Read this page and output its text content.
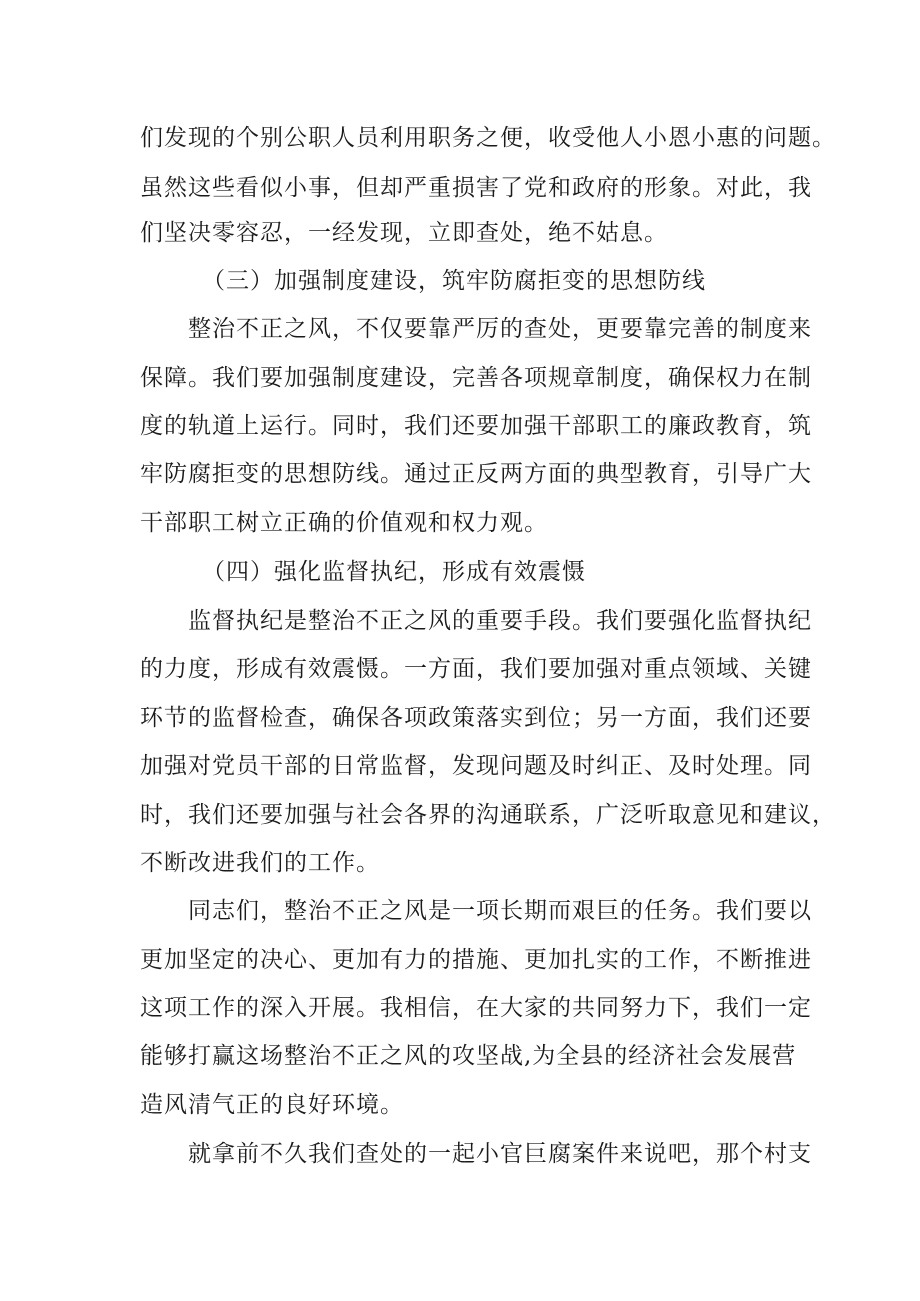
们发现的个别公职人员利用职务之便，收受他人小恩小惠的问题。
虽然这些看似小事，但却严重损害了党和政府的形象。对此，我
们坚决零容忍，一经发现，立即查处，绝不姑息。
（三）加强制度建设，筑牢防腐拒变的思想防线
整治不正之风，不仅要靠严厉的查处，更要靠完善的制度来
保障。我们要加强制度建设，完善各项规章制度，确保权力在制
度的轨道上运行。同时，我们还要加强干部职工的廉政教育，筑
牢防腐拒变的思想防线。通过正反两方面的典型教育，引导广大
干部职工树立正确的价值观和权力观。
（四）强化监督执纪，形成有效震慑
监督执纪是整治不正之风的重要手段。我们要强化监督执纪
的力度，形成有效震慑。一方面，我们要加强对重点领域、关键
环节的监督检查，确保各项政策落实到位；另一方面，我们还要
加强对党员干部的日常监督，发现问题及时纠正、及时处理。同
时，我们还要加强与社会各界的沟通联系，广泛听取意见和建议，
不断改进我们的工作。
同志们，整治不正之风是一项长期而艰巨的任务。我们要以
更加坚定的决心、更加有力的措施、更加扎实的工作，不断推进
这项工作的深入开展。我相信，在大家的共同努力下，我们一定
能够打赢这场整治不正之风的攻坚战,为全县的经济社会发展营
造风清气正的良好环境。
就拿前不久我们查处的一起小官巨腐案件来说吧，那个村支
